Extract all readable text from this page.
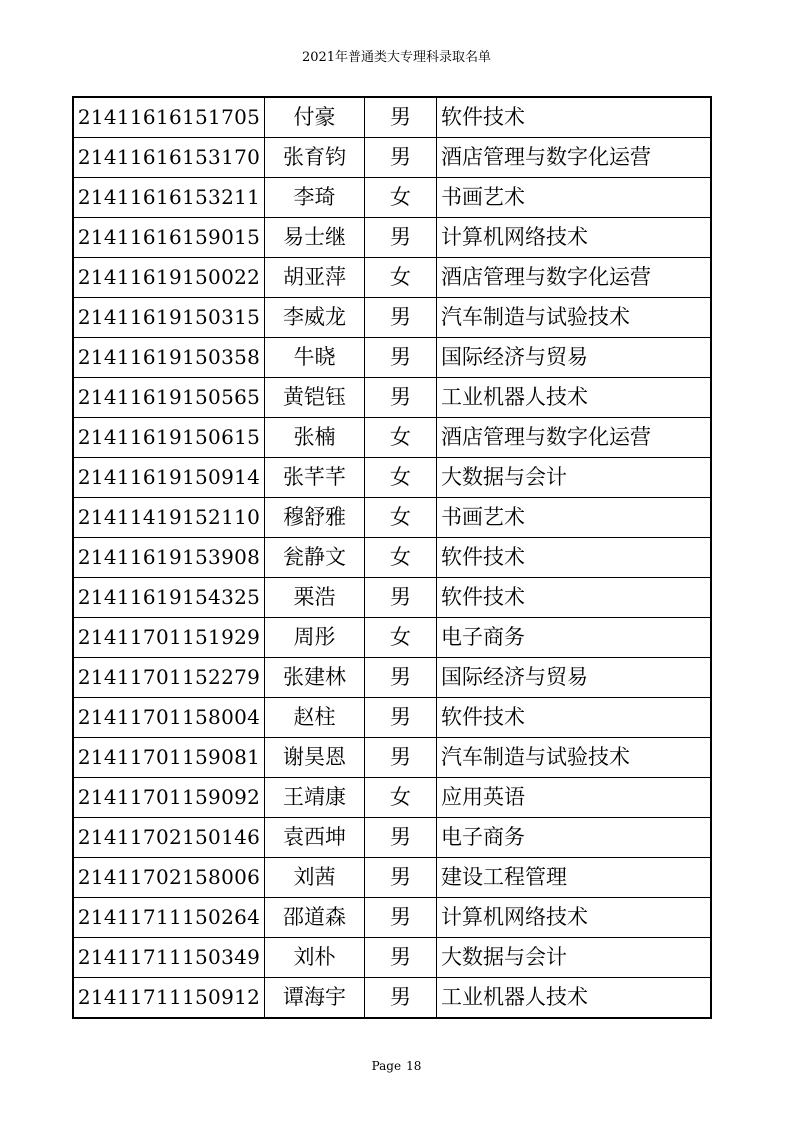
2021年普通类大专理科录取名单
21411616151705	付豪	男	软件技术
21411616153170	张育钧	男	酒店管理与数字化运营
21411616153211	李琦	女	书画艺术
21411616159015	易士继	男	计算机网络技术
21411619150022	胡亚萍	女	酒店管理与数字化运营
21411619150315	李威龙	男	汽车制造与试验技术
21411619150358	牛晓	男	国际经济与贸易
21411619150565	黄铠钰	男	工业机器人技术
21411619150615	张楠	女	酒店管理与数字化运营
21411619150914	张芊芊	女	大数据与会计
21411419152110	穆舒雅	女	书画艺术
21411619153908	瓮静文	女	软件技术
21411619154325	栗浩	男	软件技术
21411701151929	周彤	女	电子商务
21411701152279	张建林	男	国际经济与贸易
21411701158004	赵柱	男	软件技术
21411701159081	谢昊恩	男	汽车制造与试验技术
21411701159092	王靖康	女	应用英语
21411702150146	袁西坤	男	电子商务
21411702158006	刘茜	男	建设工程管理
21411711150264	邵道森	男	计算机网络技术
21411711150349	刘朴	男	大数据与会计
21411711150912	谭海宇	男	工业机器人技术
Page 18
